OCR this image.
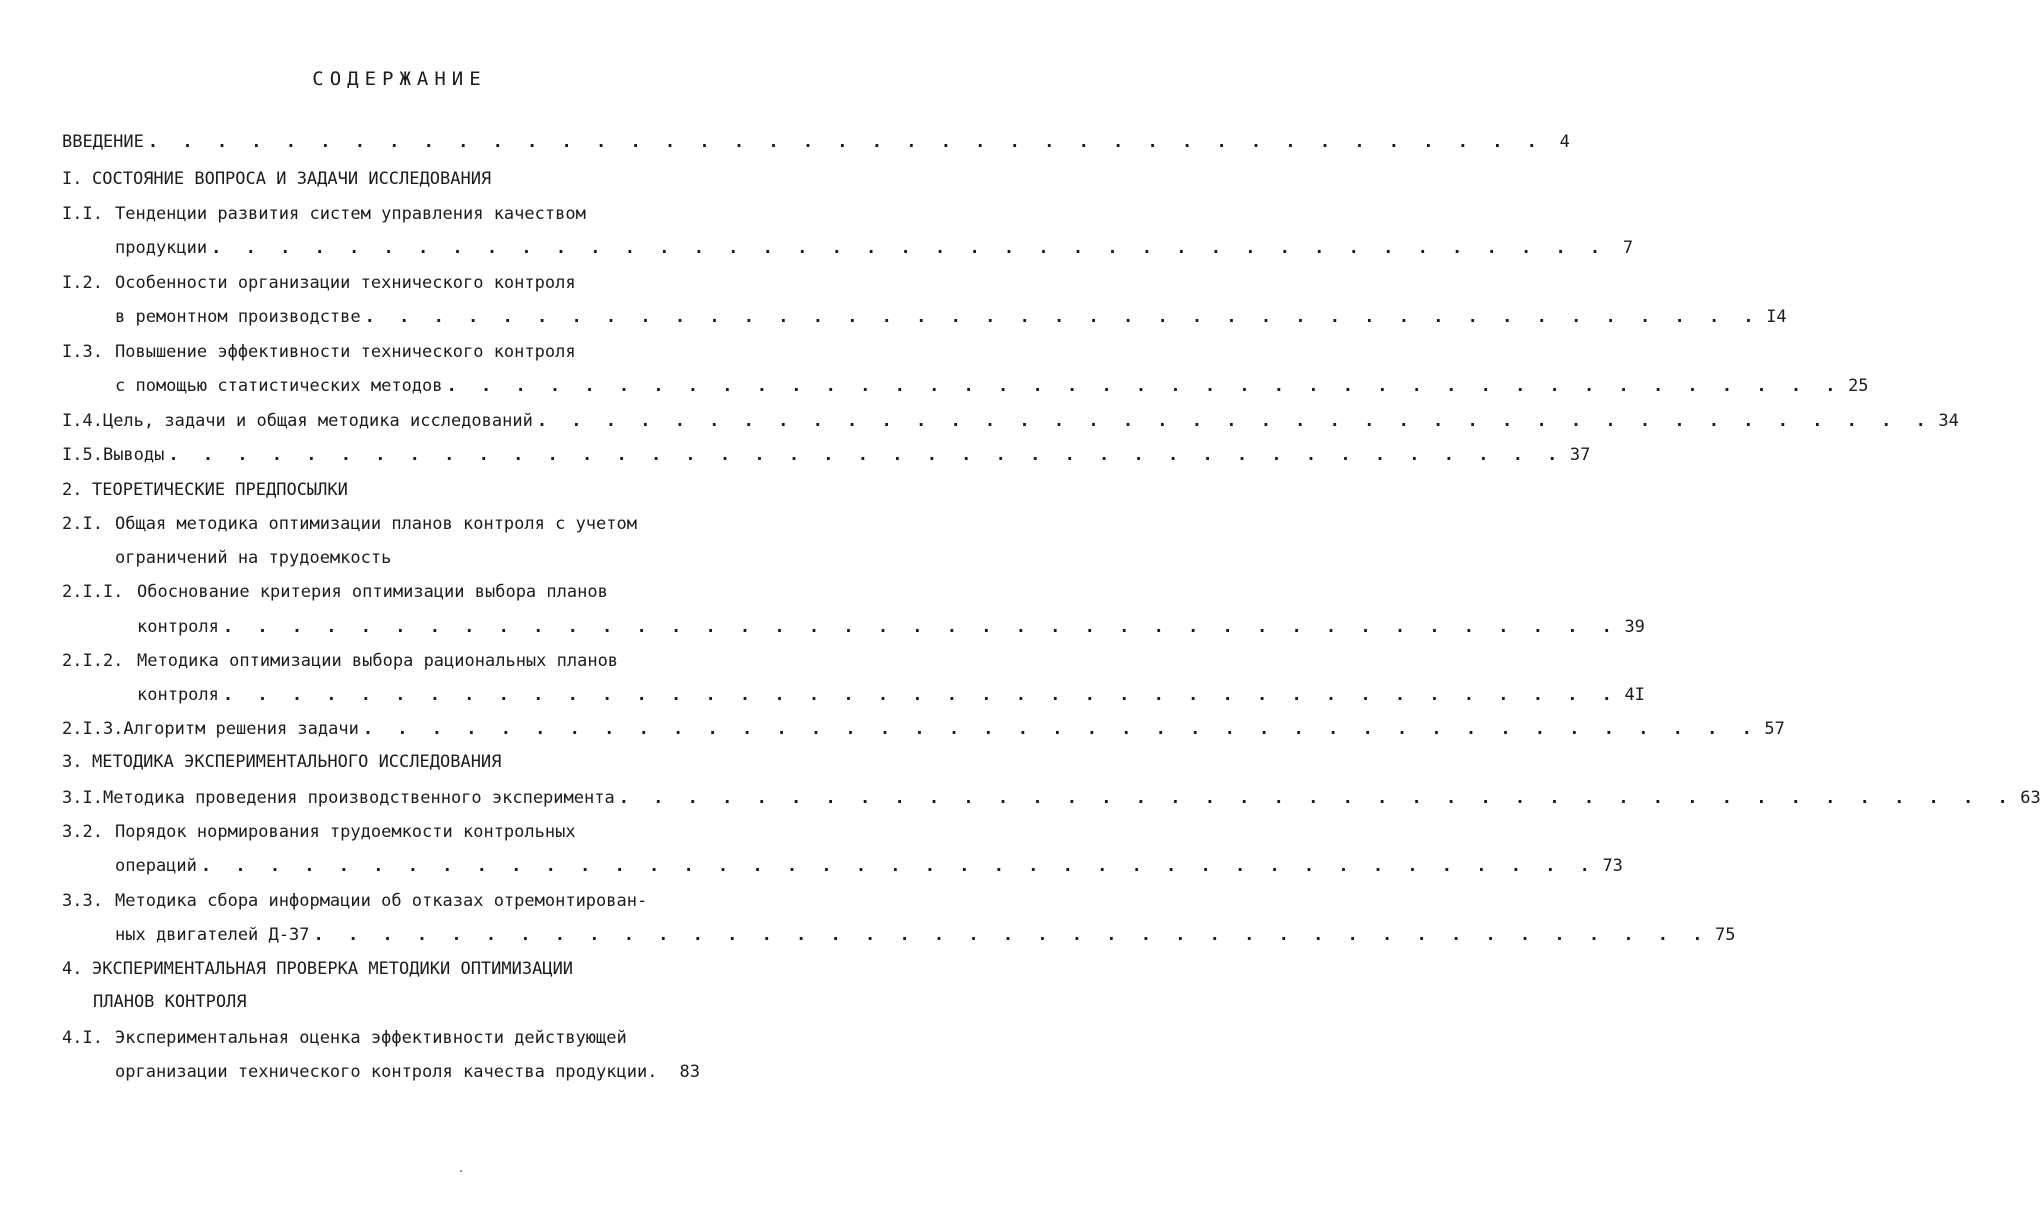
СОДЕРЖАНИЕ
ВВЕДЕНИЕ . . . . . . . . . . . . . . . . . . . . . . . . . . . . . . . . . . . . . . . . . 4
I. СОСТОЯНИЕ ВОПРОСА И ЗАДАЧИ ИССЛЕДОВАНИЯ
I.I. Тенденции развития систем управления качеством
продукции . . . . . . . . . . . . . . . . . . . . . . . . . . . . . . . . . . . . . . . . . 7
I.2. Особенности организации технического контроля
в ремонтном производстве . . . . . . . . . . . . . . . . . . . . . . . . . . . . . . . . . . . . . . . . . I4
I.3. Повышение эффективности технического контроля
с помощью статистических методов . . . . . . . . . . . . . . . . . . . . . . . . . . . . . . . . . . . . . . . . . 25
I.4. Цель, задачи и общая методика исследований . . . . . . . . . . . . . . . . . . . . . . . . . . . . . . . . . . . . . . . . . 34
I.5. Выводы . . . . . . . . . . . . . . . . . . . . . . . . . . . . . . . . . . . . . . . . . 37
2. ТЕОРЕТИЧЕСКИЕ ПРЕДПОСЫЛКИ
2.I. Общая методика оптимизации планов контроля с учетом
ограничений на трудоемкость
2.I.I. Обоснование критерия оптимизации выбора планов
контроля . . . . . . . . . . . . . . . . . . . . . . . . . . . . . . . . . . . . . . . . . 39
2.I.2. Методика оптимизации выбора рациональных планов
контроля . . . . . . . . . . . . . . . . . . . . . . . . . . . . . . . . . . . . . . . . . 4I
2.I.3. Алгоритм решения задачи . . . . . . . . . . . . . . . . . . . . . . . . . . . . . . . . . . . . . . . . . 57
3. МЕТОДИКА ЭКСПЕРИМЕНТАЛЬНОГО ИССЛЕДОВАНИЯ
3.I. Методика проведения производственного эксперимента . . . . . . . . . . . . . . . . . . . . . . . . . . . . . . . . . . . . . . . . . 63
3.2. Порядок нормирования трудоемкости контрольных
операций . . . . . . . . . . . . . . . . . . . . . . . . . . . . . . . . . . . . . . . . . 73
3.3. Методика сбора информации об отказах отремонтирован-
ных двигателей Д-37 . . . . . . . . . . . . . . . . . . . . . . . . . . . . . . . . . . . . . . . . . 75
4. ЭКСПЕРИМЕНТАЛЬНАЯ ПРОВЕРКА МЕТОДИКИ ОПТИМИЗАЦИИ
ПЛАНОВ КОНТРОЛЯ
4.I. Экспериментальная оценка эффективности действующей
организации технического контроля качества продукции. 83
